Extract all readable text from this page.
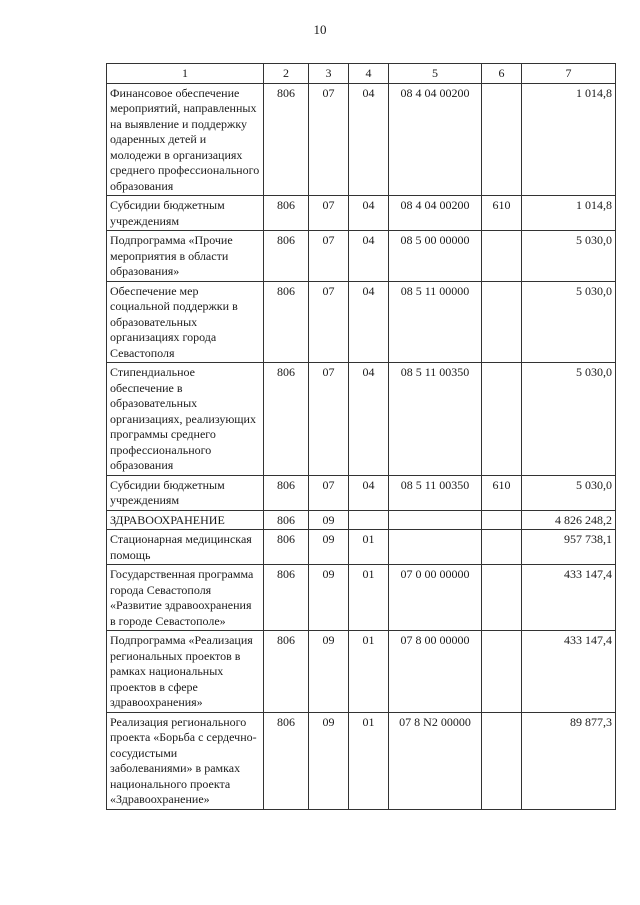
10
1	2	3	4	5	6	7
Финансовое обеспечение мероприятий, направленных на выявление и поддержку одаренных детей и молодежи в организациях среднего профессионального образования	806	07	04	08 4 04 00200		1 014,8
Субсидии бюджетным учреждениям	806	07	04	08 4 04 00200	610	1 014,8
Подпрограмма «Прочие мероприятия в области образования»	806	07	04	08 5 00 00000		5 030,0
Обеспечение мер социальной поддержки в образовательных организациях города Севастополя	806	07	04	08 5 11 00000		5 030,0
Стипендиальное обеспечение в образовательных организациях, реализующих программы среднего профессионального образования	806	07	04	08 5 11 00350		5 030,0
Субсидии бюджетным учреждениям	806	07	04	08 5 11 00350	610	5 030,0
ЗДРАВООХРАНЕНИЕ	806	09				4 826 248,2
Стационарная медицинская помощь	806	09	01			957 738,1
Государственная программа города Севастополя «Развитие здравоохранения в городе Севастополе»	806	09	01	07 0 00 00000		433 147,4
Подпрограмма «Реализация региональных проектов в рамках национальных проектов в сфере здравоохранения»	806	09	01	07 8 00 00000		433 147,4
Реализация регионального проекта «Борьба с сердечно-сосудистыми заболеваниями» в рамках национального проекта «Здравоохранение»	806	09	01	07 8 N2 00000		89 877,3
